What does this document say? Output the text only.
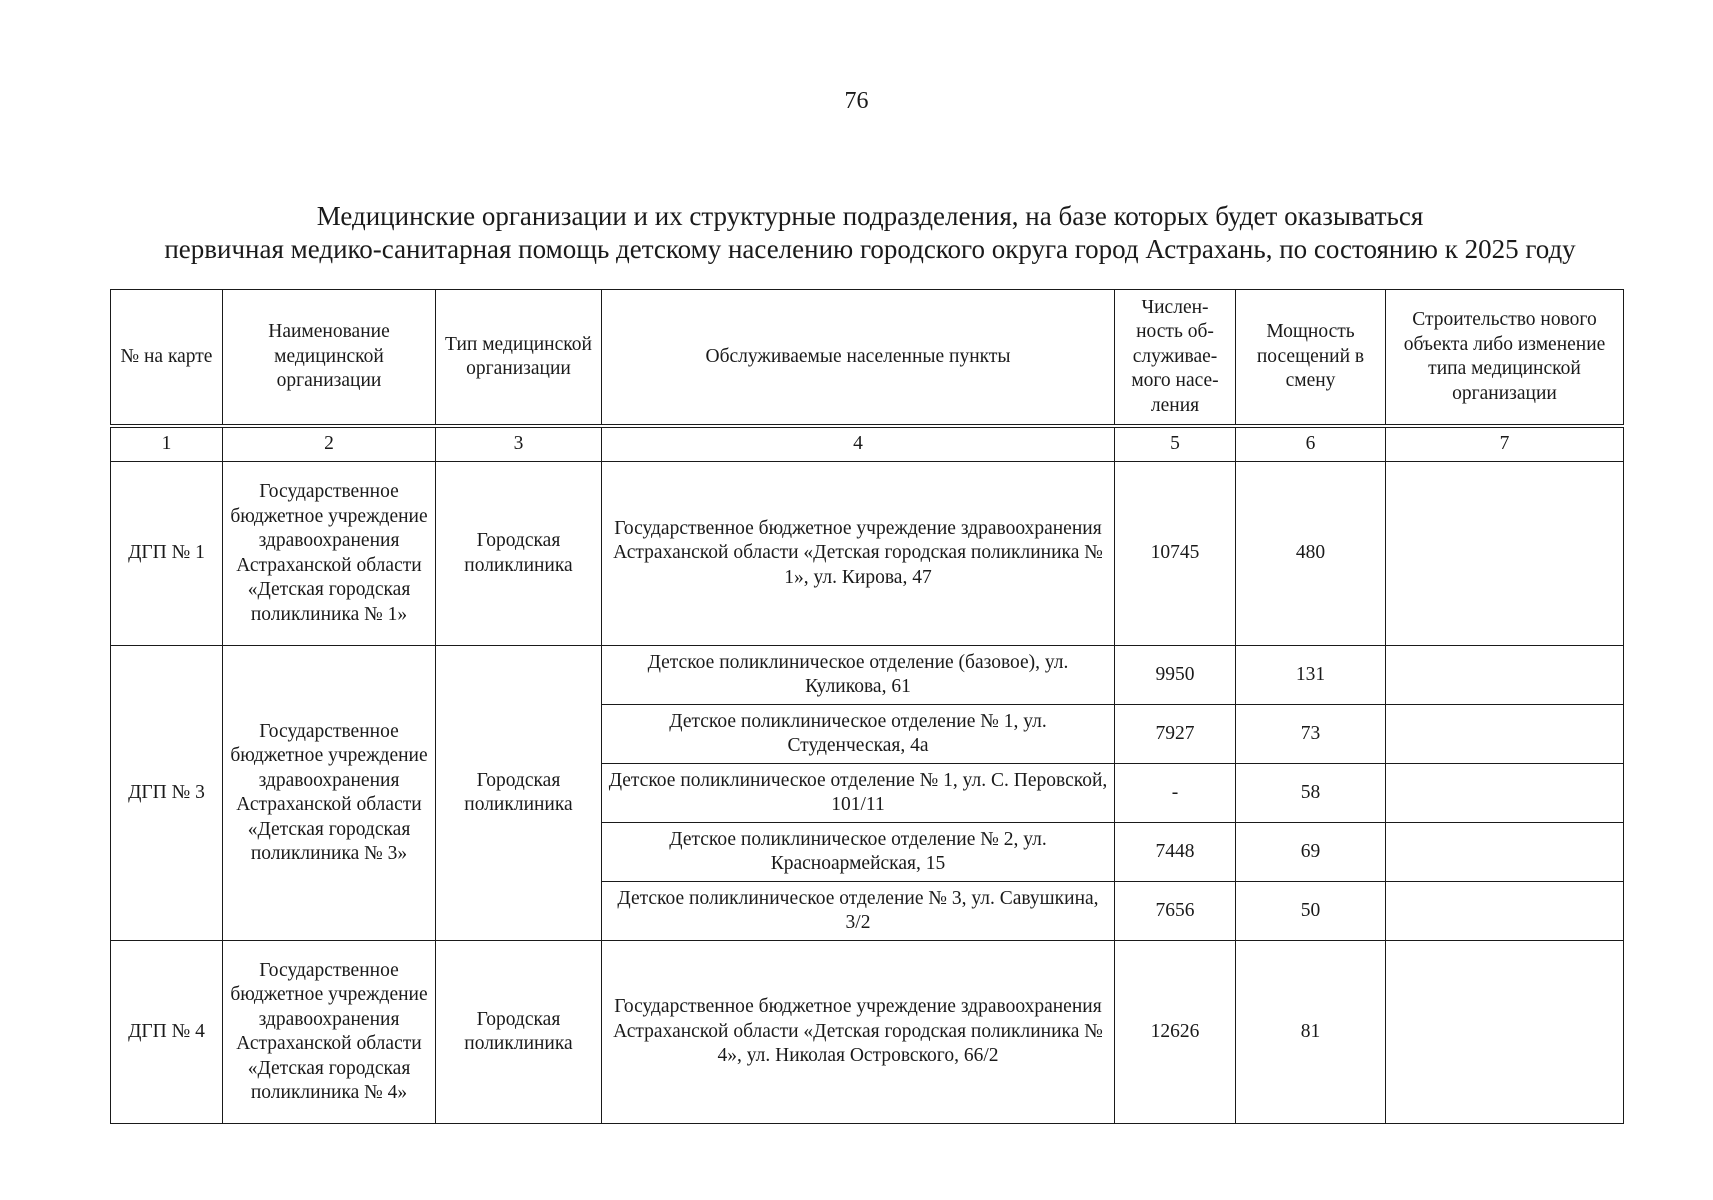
76
Медицинские организации и их структурные подразделения, на базе которых будет оказываться
первичная медико-санитарная помощь детскому населению городского округа город Астрахань, по состоянию к 2025 году
№ на карте	Наименование медицинской организации	Тип медицинской организации	Обслуживаемые населенные пункты	Числен-ность об-служивае-мого насе-ления	Мощность посещений в смену	Строительство нового объекта либо изменение типа медицинской организации
1	2	3	4	5	6	7
ДГП № 1	Государственное бюджетное учреждение здравоохранения Астраханской области «Детская городская поликлиника № 1»	Городская поликлиника	Государственное бюджетное учреждение здравоохранения Астраханской области «Детская городская поликлиника № 1», ул. Кирова, 47	10745	480	
ДГП № 3	Государственное бюджетное учреждение здравоохранения Астраханской области «Детская городская поликлиника № 3»	Городская поликлиника	Детское поликлиническое отделение (базовое), ул. Куликова, 61	9950	131	
			Детское поликлиническое отделение № 1, ул. Студенческая, 4а	7927	73	
			Детское поликлиническое отделение № 1, ул. С. Перовской, 101/11	-	58	
			Детское поликлиническое отделение № 2, ул. Красноармейская, 15	7448	69	
			Детское поликлиническое отделение № 3, ул. Савушкина, 3/2	7656	50	
ДГП № 4	Государственное бюджетное учреждение здравоохранения Астраханской области «Детская городская поликлиника № 4»	Городская поликлиника	Государственное бюджетное учреждение здравоохранения Астраханской области «Детская городская поликлиника № 4», ул. Николая Островского, 66/2	12626	81	
